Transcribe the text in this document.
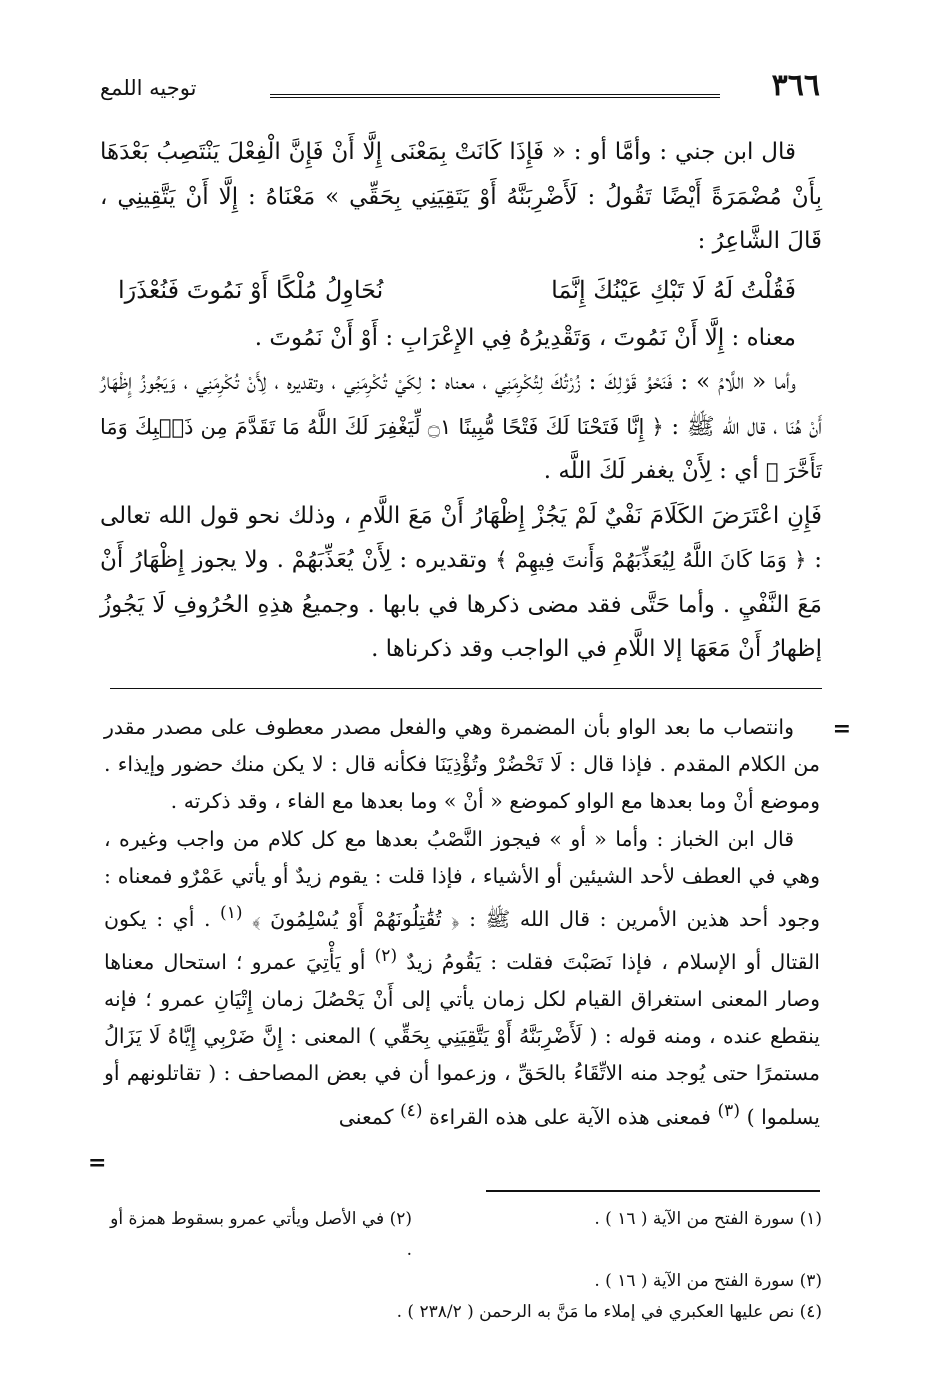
توجيه اللمع	٣٦٦

قال ابن جني : وأمَّا أو : « فَإِذَا كَانَتْ بِمَعْنَى إِلَّا أَنْ فَإِنَّ الْفِعْلَ يَنْتَصِبُ بَعْدَهَا بِأَنْ مُضْمَرَةً أَيْضًا تَقُولُ : لَأَضْرِبَنَّهُ أَوْ يَتَقِيَنِي بِحَقِّي » مَعْنَاهُ : إِلَّا أَنْ يَتَّقِينِي ، قَالَ الشَّاعِرُ :

فَقُلْتُ لَهُ لَا تَبْكِ عَيْنُكَ إِنَّمَا
نُحَاوِلُ مُلْكًا أَوْ نَمُوتَ فَنُعْذَرَا

معناه : إِلَّا أَنْ نَمُوتَ ، وَتَقْدِيرُهُ فِي الإِعْرَابِ : أَوْ أَنْ نَمُوتَ .

وأما « اللَّامُ » : فَنَحْوُ قَوْلِكَ : زُرْتُكَ لِتُكْرِمَنِي ، معناه : لِكَيْ تُكْرِمَنِي ، وتقديره ، لِأَنْ تُكْرِمَنِي ، وَيَجُوزُ إِظْهَارُ أَنْ هُنَا ، قال الله ﷺ : ﴿ إِنَّا فَتَحْنَا لَكَ فَتْحًا مُّبِينًا ۝١ لِّيَغْفِرَ لَكَ اللَّهُ مَا تَقَدَّمَ مِن ذَنۢبِكَ وَمَا تَأَخَّرَ ﴾ أي : لِأَنْ يغفر لَكَ اللَّه .

فَإِنِ اعْتَرَضَ الكَلَامَ نَفْيٌ لَمْ يَجُزْ إِظْهَارُ أَنْ مَعَ اللَّامِ ، وذلك نحو قول الله تعالى : ﴿ وَمَا كَانَ اللَّهُ لِيُعَذِّبَهُمْ وَأَنتَ فِيهِمْ ﴾ وتقديره : لِأَنْ يُعَذِّبَهُمْ . ولا يجوز إِظْهَارُ أَنْ مَعَ النَّفْيِ . وأما حَتَّى فقد مضى ذكرها في بابها . وجميعُ هذِهِ الحُرُوفِ لَا يَجُوزُ إظهارُ أَنْ مَعَهَا إلا اللَّامِ في الواجب وقد ذكرناها .

=

وانتصاب ما بعد الواو بأن المضمرة وهي والفعل مصدر معطوف على مصدر مقدر من الكلام المقدم . فإذا قال : لَا تَحْضُرْ وتُؤْذِيَنَا فكأنه قال : لا يكن منك حضور وإيذاء . وموضع أنْ وما بعدها مع الواو كموضع « أنْ » وما بعدها مع الفاء ، وقد ذكرته .

قال ابن الخباز : وأما « أو » فيجوز النَّصْبُ بعدها مع كل كلام من واجب وغيره ، وهي في العطف لأحد الشيئين أو الأشياء ، فإذا قلت : يقوم زيدٌ أو يأتي عَمْرٌو فمعناه : وجود أحد هذين الأمرين : قال الله ﷺ : ﴿ تُقَٰتِلُونَهُمْ أَوْ يُسْلِمُونَ ﴾ $^{(١)}$ . أي : يكون القتال أو الإسلام ، فإذا نَصَبْتَ فقلت : يَقُومُ زيدٌ $^{(٢)}$ أو يَأْتِيَ عمرو ؛ استحال معناها وصار المعنى استغراق القيام لكل زمان يأتي إلى أَنْ يَحْصُلَ زمان إِتْيَانِ عمرو ؛ فإنه ينقطع عنده ، ومنه قوله : ( لَأَضْرِبَنَّهُ أَوْ يَتَّقِيَنِي بِحَقِّي ) المعنى : إِنَّ ضَرْبِي إِيَّاهُ لَا يَزَالُ مستمرًا حتى يُوجد منه الاتِّقَاءُ بالحَقِّ ، وزعموا أن في بعض المصاحف : ( تقاتلونهم أو يسلموا ) $^{(٣)}$ فمعنى هذه الآية على هذه القراءة $^{(٤)}$ كمعنى

=
(١) سورة الفتح من الآية ( ١٦ ) .
(٢) في الأصل ويأتي عمرو بسقوط همزة أو .
(٣) سورة الفتح من الآية ( ١٦ ) .
(٤) نص عليها العكبري في إملاء ما مَنَّ به الرحمن ( ٢٣٨/٢ ) .
